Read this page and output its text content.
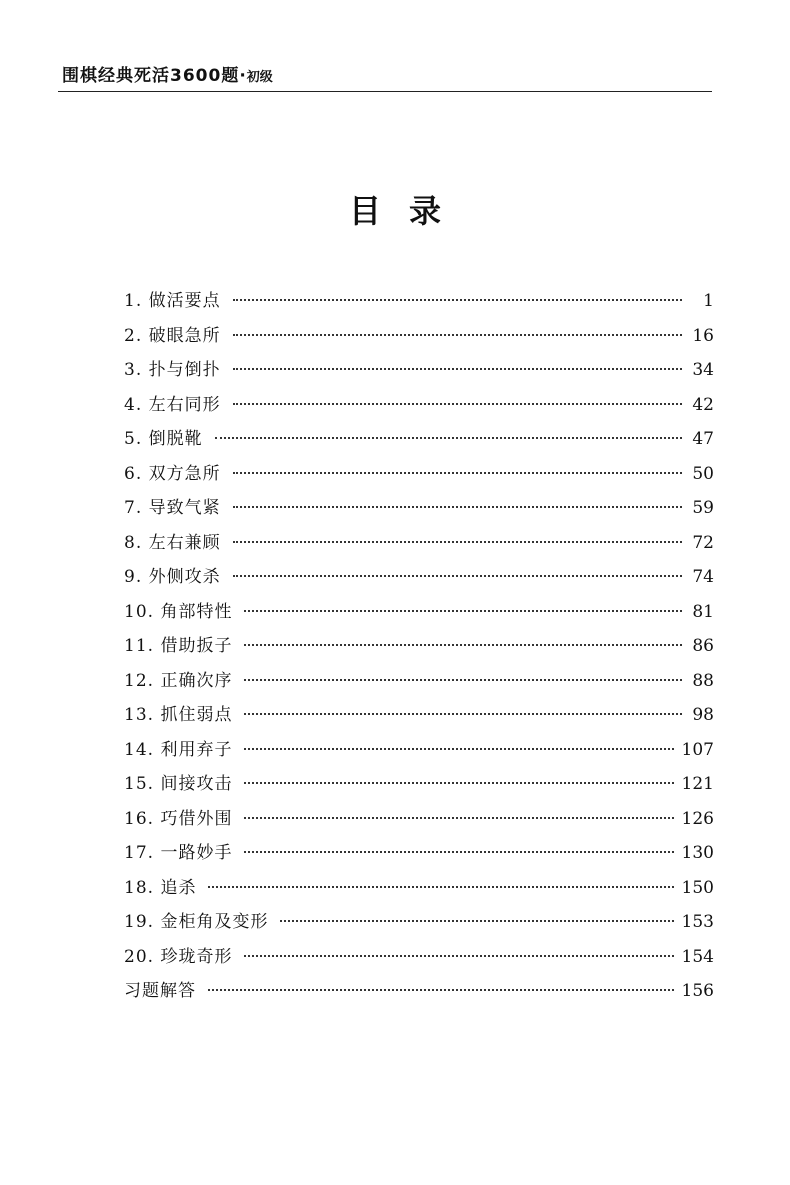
围棋经典死活3600题·初级
目录
1. 做活要点	1
2. 破眼急所	16
3. 扑与倒扑	34
4. 左右同形	42
5. 倒脱靴	47
6. 双方急所	50
7. 导致气紧	59
8. 左右兼顾	72
9. 外侧攻杀	74
10. 角部特性	81
11. 借助扳子	86
12. 正确次序	88
13. 抓住弱点	98
14. 利用弃子	107
15. 间接攻击	121
16. 巧借外围	126
17. 一路妙手	130
18. 追杀	150
19. 金柜角及变形	153
20. 珍珑奇形	154
习题解答	156
